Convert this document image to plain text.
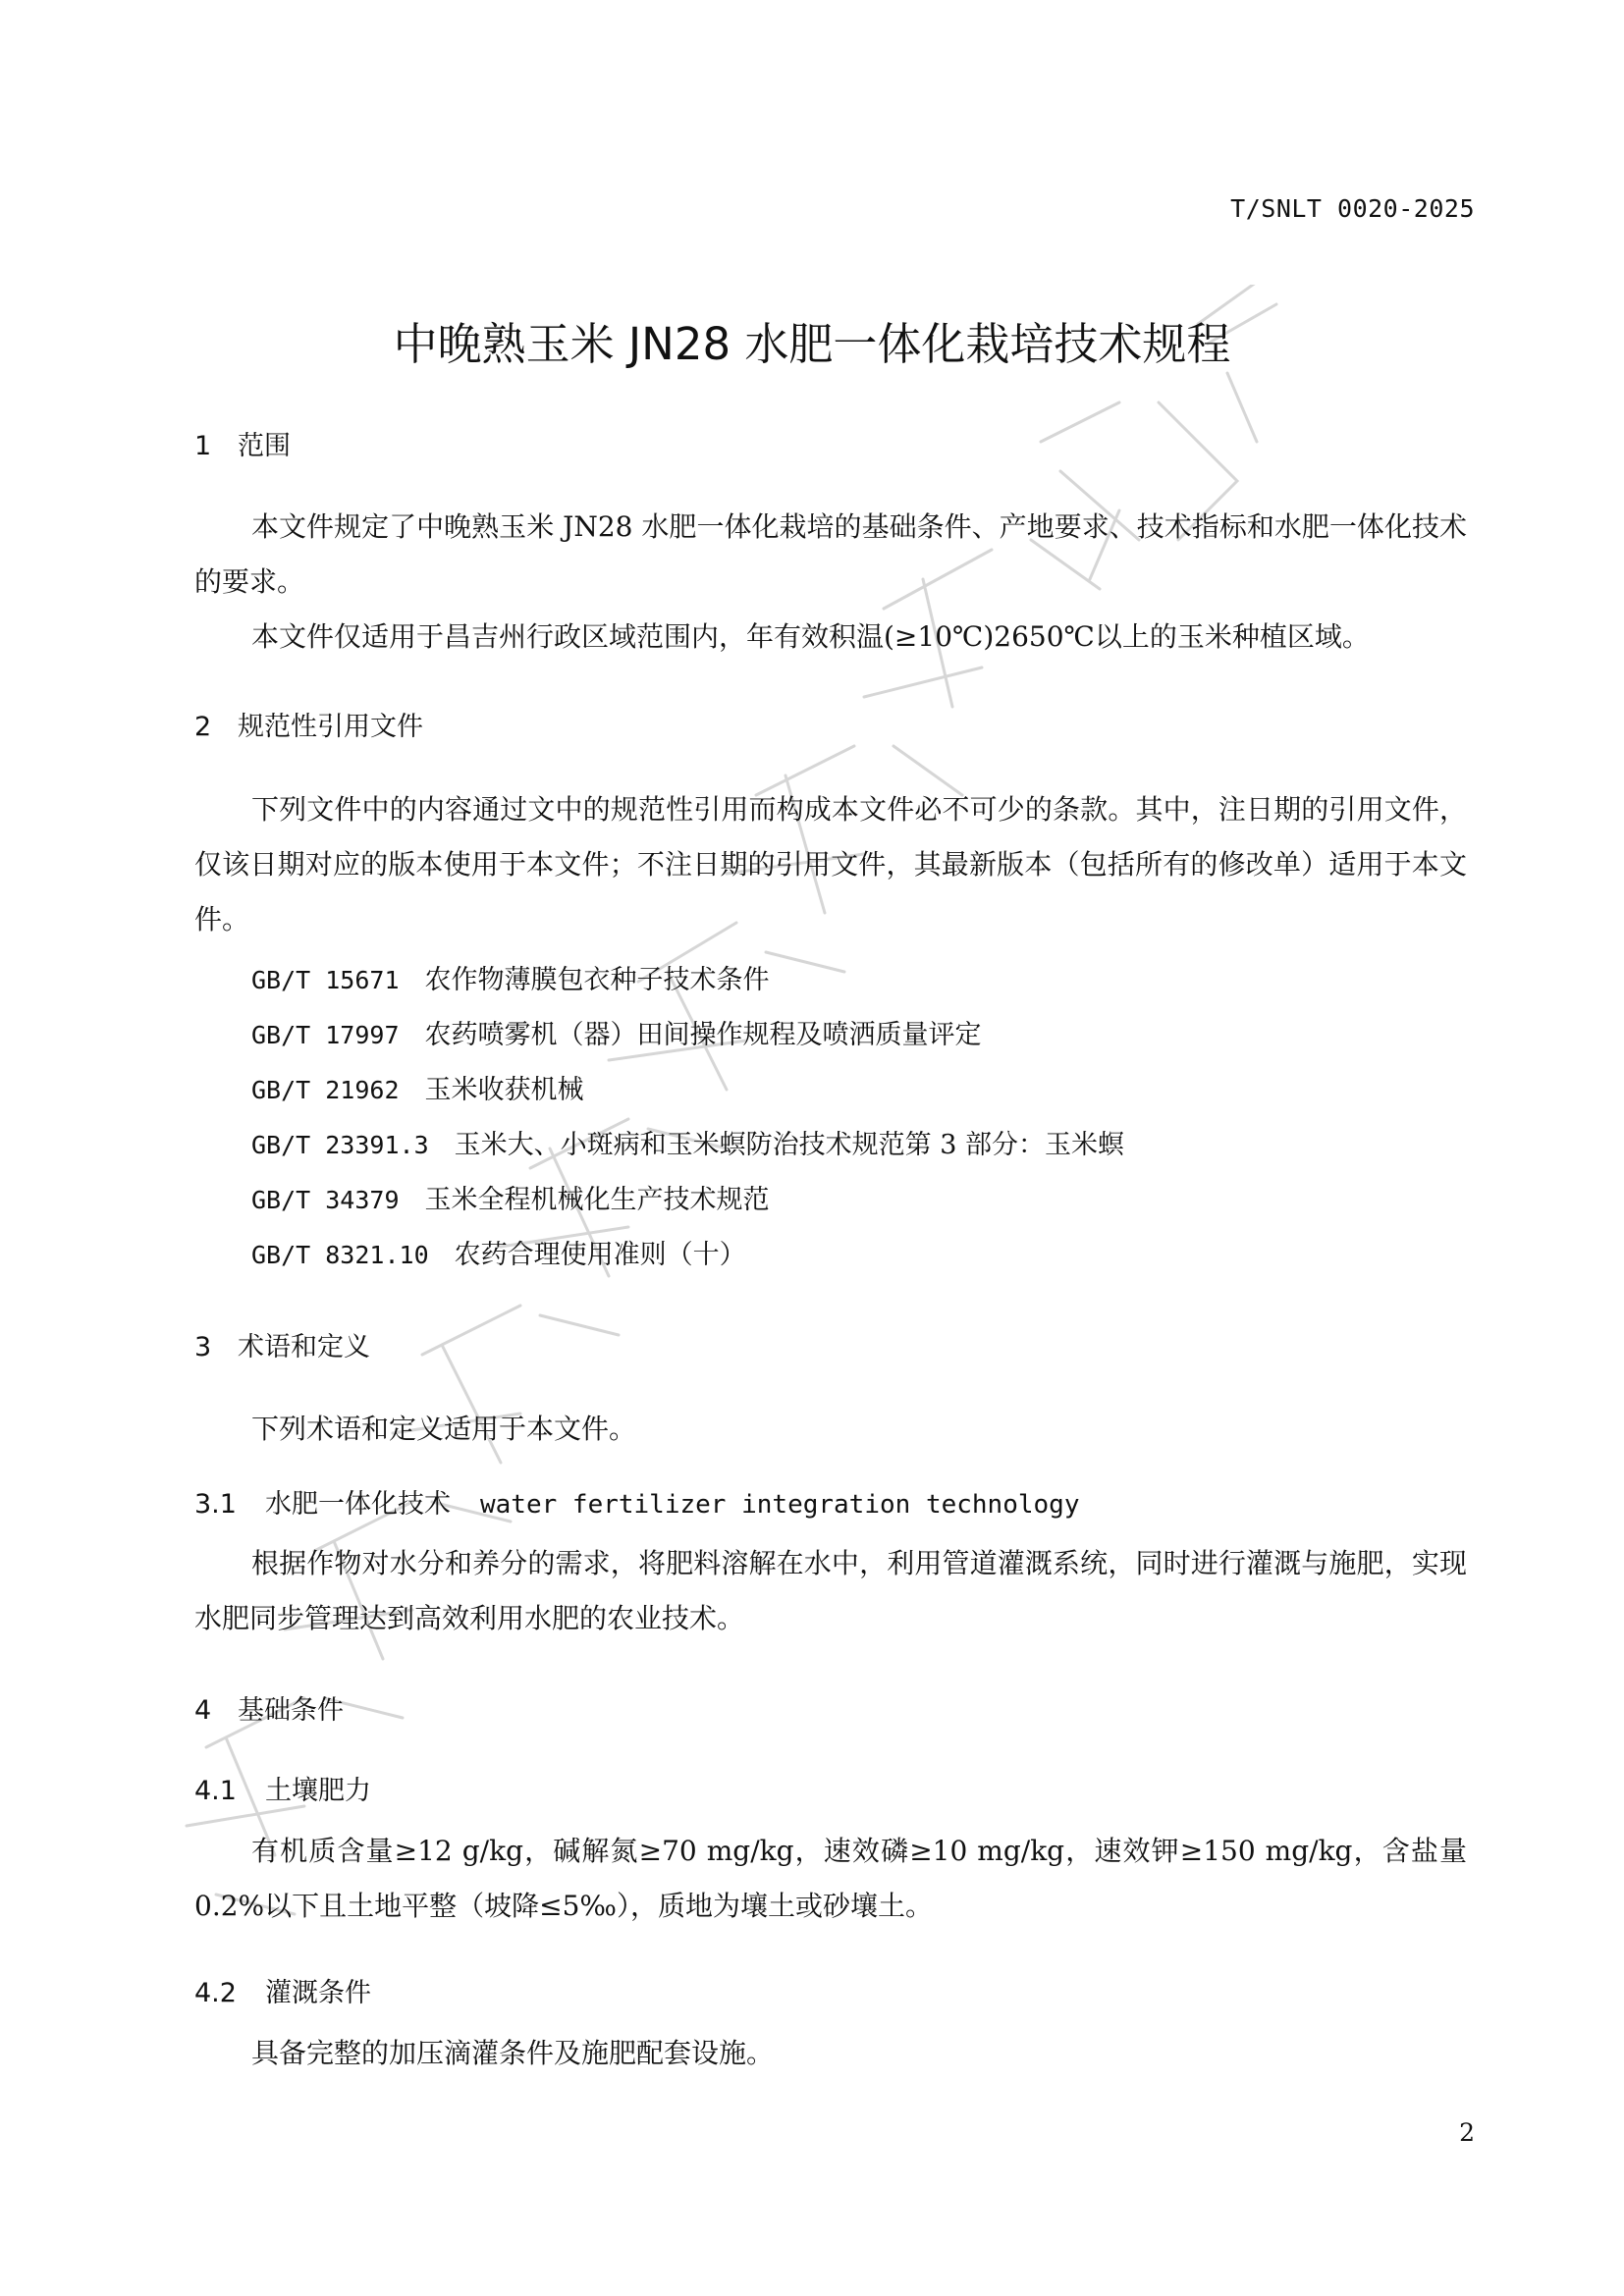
T/SNLT 0020-2025
中晚熟玉米 JN28 水肥一体化栽培技术规程
1 范围
本文件规定了中晚熟玉米 JN28 水肥一体化栽培的基础条件、产地要求、技术指标和水肥一体化技术的要求。
本文件仅适用于昌吉州行政区域范围内，年有效积温(≥10℃)2650℃以上的玉米种植区域。
2 规范性引用文件
下列文件中的内容通过文中的规范性引用而构成本文件必不可少的条款。其中，注日期的引用文件，仅该日期对应的版本使用于本文件；不注日期的引用文件，其最新版本（包括所有的修改单）适用于本文件。
GB/T 15671 农作物薄膜包衣种子技术条件
GB/T 17997 农药喷雾机（器）田间操作规程及喷洒质量评定
GB/T 21962 玉米收获机械
GB/T 23391.3 玉米大、小斑病和玉米螟防治技术规范第 3 部分：玉米螟
GB/T 34379 玉米全程机械化生产技术规范
GB/T 8321.10 农药合理使用准则（十）
3 术语和定义
下列术语和定义适用于本文件。
3.1 水肥一体化技术 water fertilizer integration technology
根据作物对水分和养分的需求，将肥料溶解在水中，利用管道灌溉系统，同时进行灌溉与施肥，实现水肥同步管理达到高效利用水肥的农业技术。
4 基础条件
4.1 土壤肥力
有机质含量≥12 g/kg，碱解氮≥70 mg/kg，速效磷≥10 mg/kg，速效钾≥150 mg/kg，含盐量 0.2%以下且土地平整（坡降≤5‰），质地为壤土或砂壤土。
4.2 灌溉条件
具备完整的加压滴灌条件及施肥配套设施。
2
